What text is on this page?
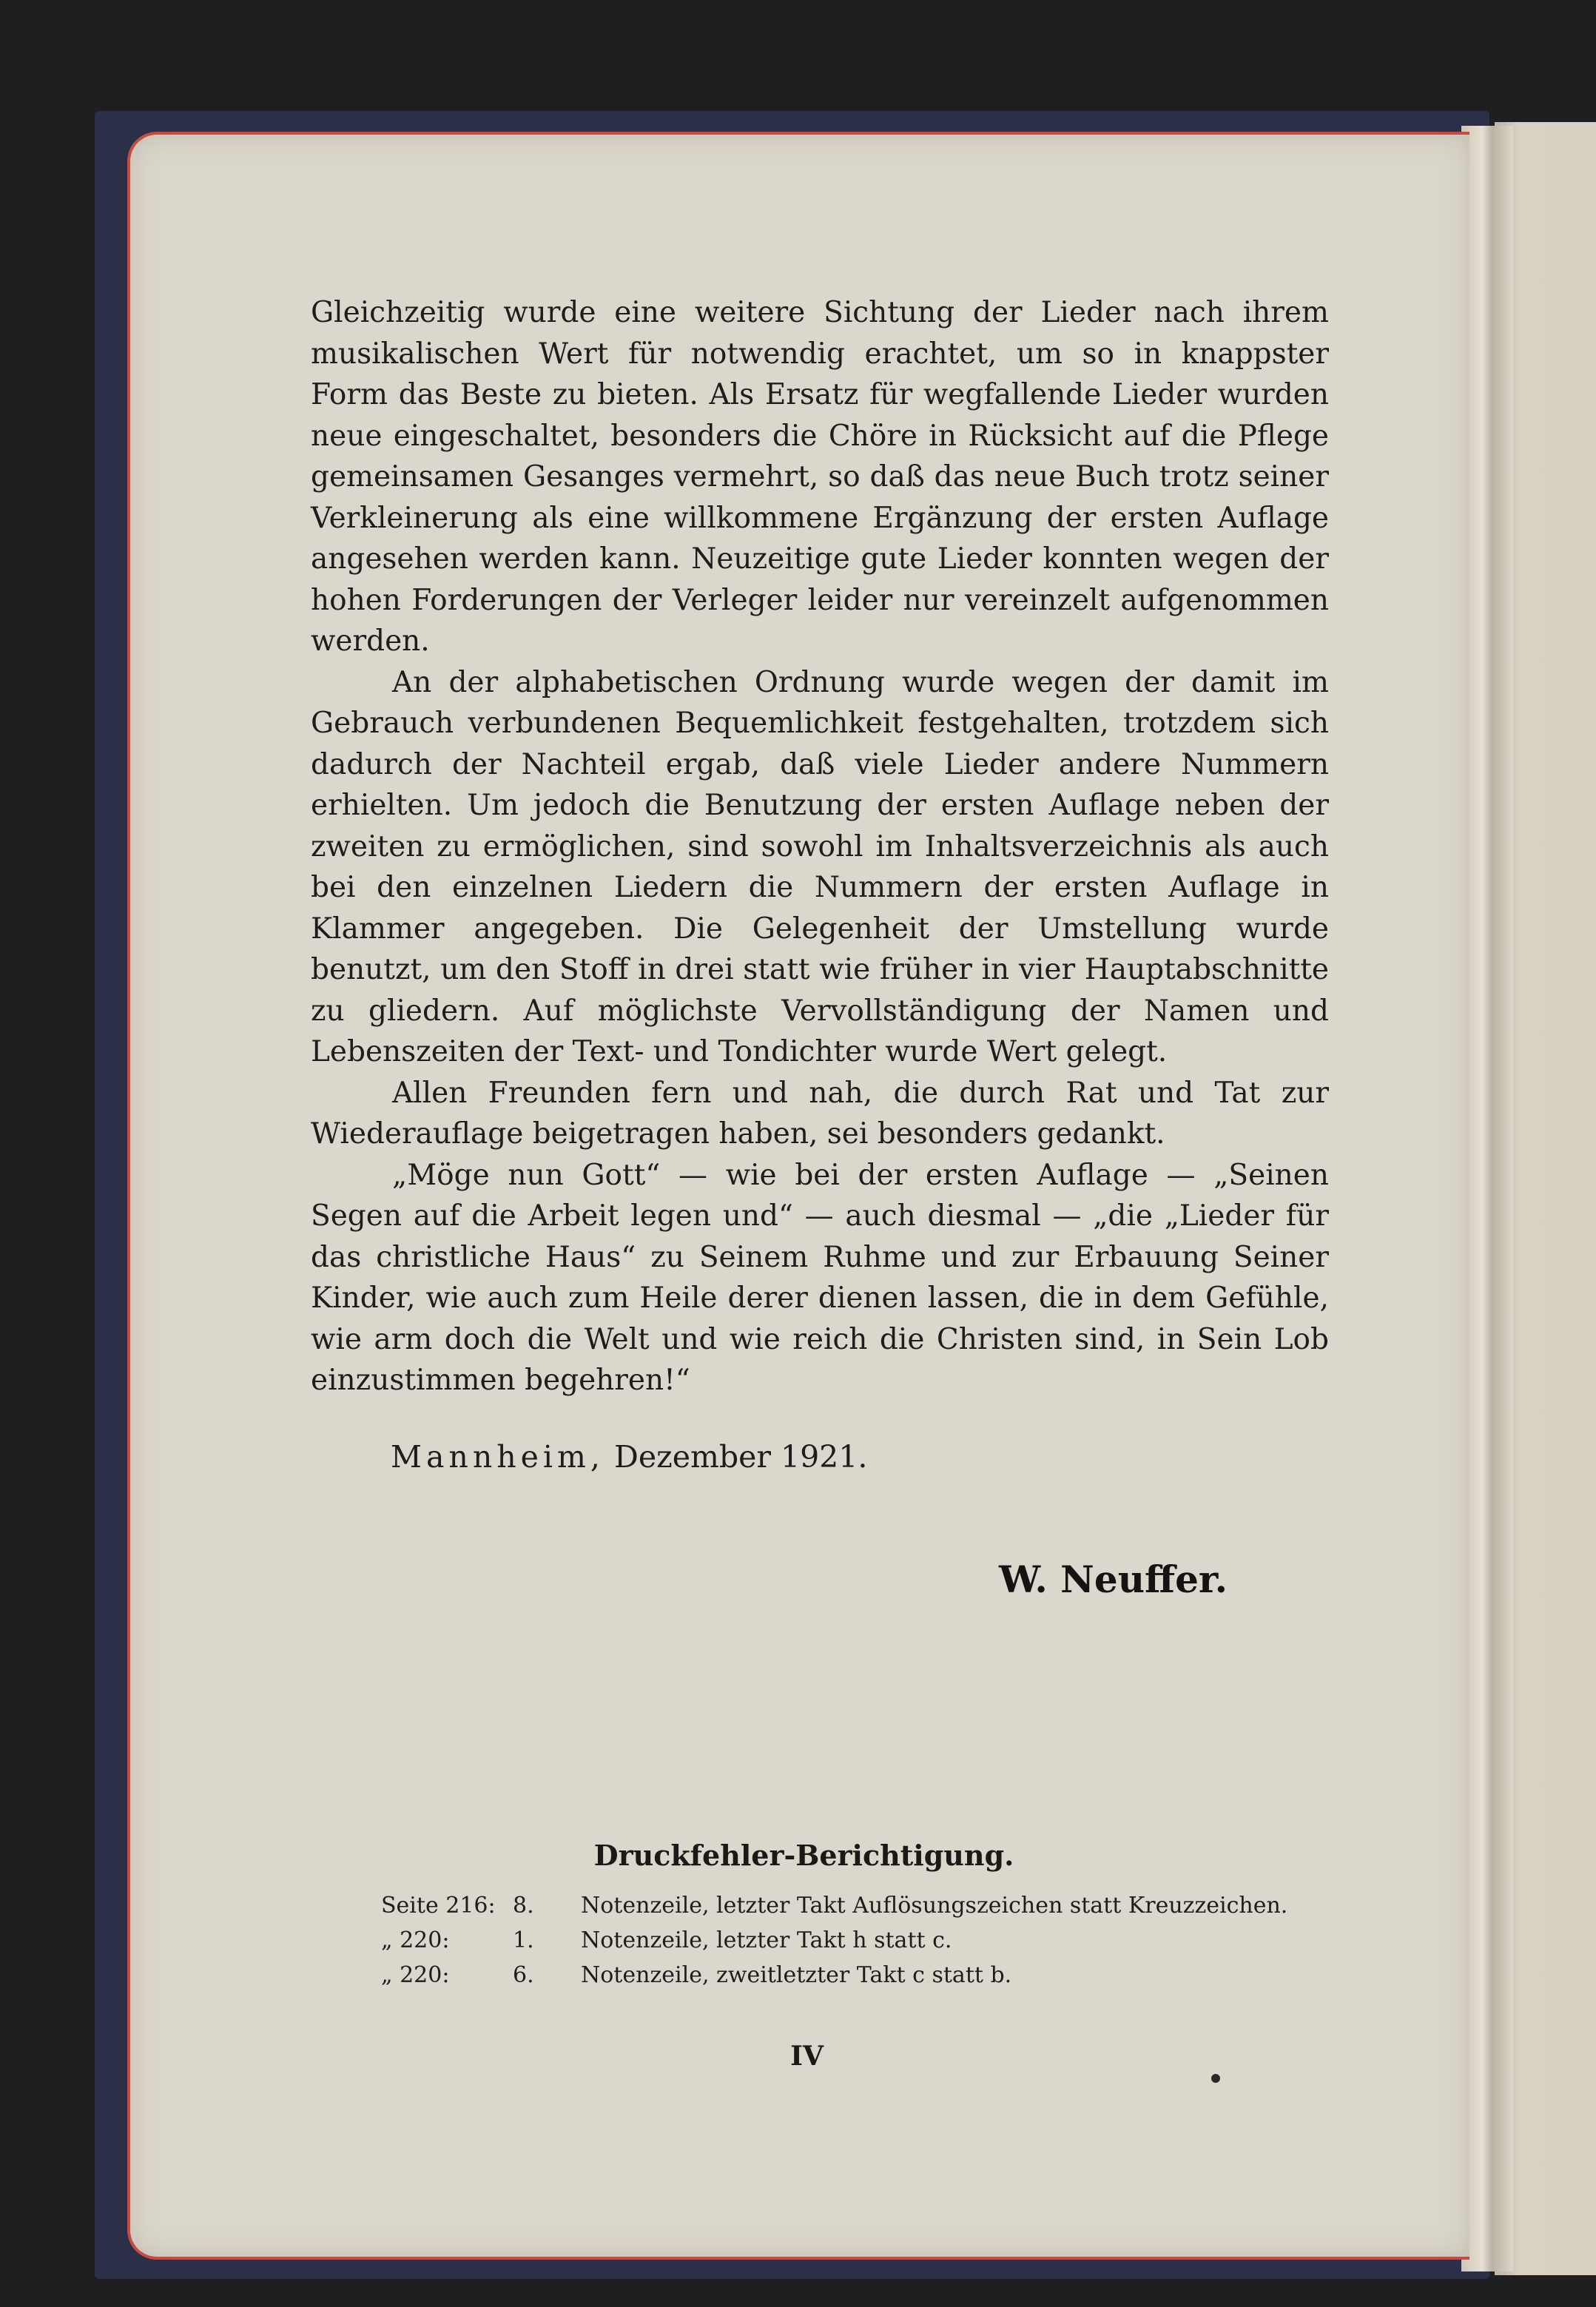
Gleichzeitig wurde eine weitere Sichtung der Lieder nach ihrem musikalischen Wert für notwendig erachtet, um so in knappster Form das Beste zu bieten. Als Ersatz für wegfallende Lieder wurden neue eingeschaltet, besonders die Chöre in Rücksicht auf die Pflege gemeinsamen Gesanges vermehrt, so daß das neue Buch trotz seiner Verkleinerung als eine willkommene Ergänzung der ersten Auflage angesehen werden kann. Neuzeitige gute Lieder konnten wegen der hohen Forderungen der Verleger leider nur vereinzelt aufgenommen werden.

An der alphabetischen Ordnung wurde wegen der damit im Gebrauch verbundenen Bequemlichkeit festgehalten, trotzdem sich dadurch der Nachteil ergab, daß viele Lieder andere Nummern erhielten. Um jedoch die Benutzung der ersten Auflage neben der zweiten zu ermöglichen, sind sowohl im Inhaltsverzeichnis als auch bei den einzelnen Liedern die Nummern der ersten Auflage in Klammer angegeben. Die Gelegenheit der Umstellung wurde benutzt, um den Stoff in drei statt wie früher in vier Hauptabschnitte zu gliedern. Auf möglichste Vervollständigung der Namen und Lebenszeiten der Text- und Tondichter wurde Wert gelegt.

Allen Freunden fern und nah, die durch Rat und Tat zur Wiederauflage beigetragen haben, sei besonders gedankt.

„Möge nun Gott“ — wie bei der ersten Auflage — „Seinen Segen auf die Arbeit legen und“ — auch diesmal — „die „Lieder für das christliche Haus“ zu Seinem Ruhme und zur Erbauung Seiner Kinder, wie auch zum Heile derer dienen lassen, die in dem Gefühle, wie arm doch die Welt und wie reich die Christen sind, in Sein Lob einzustimmen begehren!“

Mannheim, Dezember 1921.
W. Neuffer.
Druckfehler-Berichtigung.
Seite 216: 8.	Notenzeile, letzter Takt Auflösungszeichen statt Kreuzzeichen.
„ 220:	1.	Notenzeile, letzter Takt h statt c.
„ 220:	6.	Notenzeile, zweitletzter Takt c statt b.
IV
